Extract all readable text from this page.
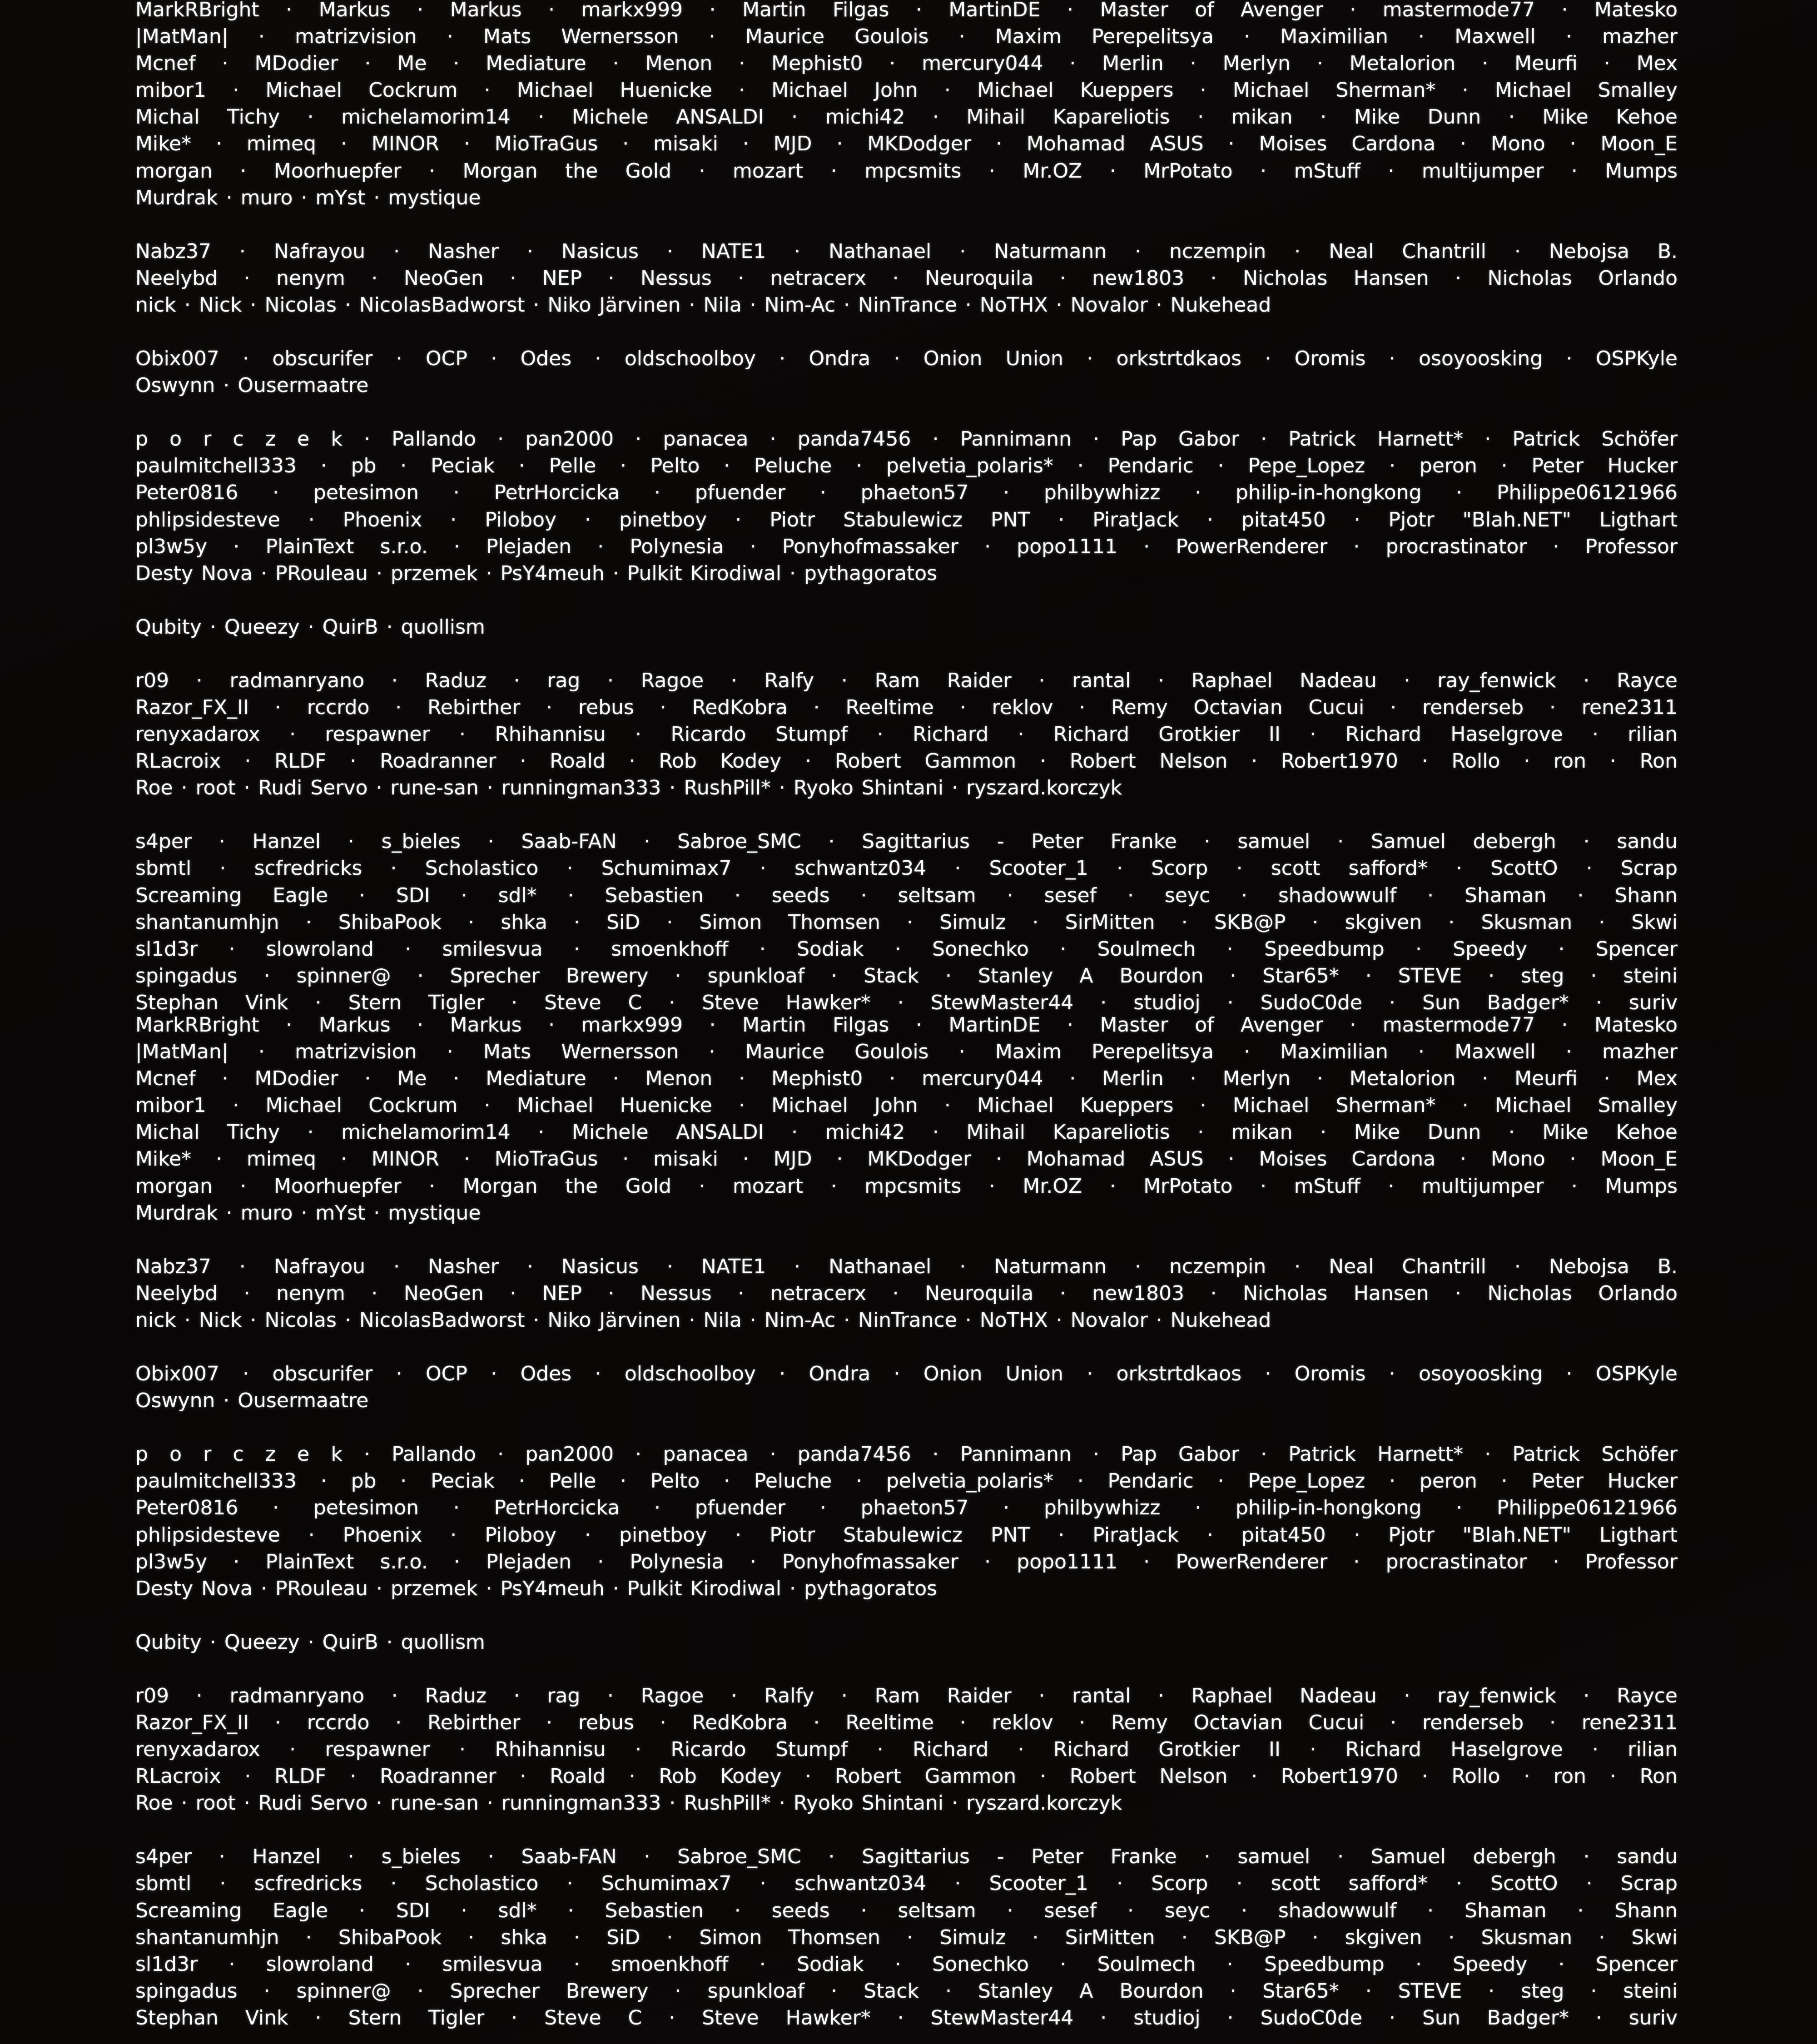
MarkRBright · Markus · Markus · markx999 · Martin Filgas · MartinDE · Master of Avenger · mastermode77 · Matesko
|MatMan| · matrizvision · Mats Wernersson · Maurice Goulois · Maxim Perepelitsya · Maximilian · Maxwell · mazher
Mcnef · MDodier · Me · Mediature · Menon · Mephist0 · mercury044 · Merlin · Merlyn · Metalorion · Meurfi · Mex
mibor1 · Michael Cockrum · Michael Huenicke · Michael John · Michael Kueppers · Michael Sherman* · Michael Smalley
Michal Tichy · michelamorim14 · Michele ANSALDI · michi42 · Mihail Kapareliotis · mikan · Mike Dunn · Mike Kehoe
Mike* · mimeq · MINOR · MioTraGus · misaki · MJD · MKDodger · Mohamad ASUS · Moises Cardona · Mono · Moon_E
morgan · Moorhuepfer · Morgan the Gold · mozart · mpcsmits · Mr.OZ · MrPotato · mStuff · multijumper · Mumps
Murdrak · muro · mYst · mystique
Nabz37 · Nafrayou · Nasher · Nasicus · NATE1 · Nathanael · Naturmann · nczempin · Neal Chantrill · Nebojsa B.
Neelybd · nenym · NeoGen · NEP · Nessus · netracerx · Neuroquila · new1803 · Nicholas Hansen · Nicholas Orlando
nick · Nick · Nicolas · NicolasBadworst · Niko Järvinen · Nila · Nim-Ac · NinTrance · NoTHX · Novalor · Nukehead
Obix007 · obscurifer · OCP · Odes · oldschoolboy · Ondra · Onion Union · orkstrtdkaos · Oromis · osoyoosking · OSPKyle
Oswynn · Ousermaatre
p o r c z e k · Pallando · pan2000 · panacea · panda7456 · Pannimann · Pap Gabor · Patrick Harnett* · Patrick Schöfer
paulmitchell333 · pb · Peciak · Pelle · Pelto · Peluche · pelvetia_polaris* · Pendaric · Pepe_Lopez · peron · Peter Hucker
Peter0816 · petesimon · PetrHorcicka · pfuender · phaeton57 · philbywhizz · philip-in-hongkong · Philippe06121966
phlipsidesteve · Phoenix · Piloboy · pinetboy · Piotr Stabulewicz PNT · PiratJack · pitat450 · Pjotr "Blah.NET" Ligthart
pl3w5y · PlainText s.r.o. · Plejaden · Polynesia · Ponyhofmassaker · popo1111 · PowerRenderer · procrastinator · Professor
Desty Nova · PRouleau · przemek · PsY4meuh · Pulkit Kirodiwal · pythagoratos
Qubity · Queezy · QuirB · quollism
r09 · radmanryano · Raduz · rag · Ragoe · Ralfy · Ram Raider · rantal · Raphael Nadeau · ray_fenwick · Rayce
Razor_FX_II · rccrdo · Rebirther · rebus · RedKobra · Reeltime · reklov · Remy Octavian Cucui · renderseb · rene2311
renyxadarox · respawner · Rhihannisu · Ricardo Stumpf · Richard · Richard Grotkier II · Richard Haselgrove · rilian
RLacroix · RLDF · Roadranner · Roald · Rob Kodey · Robert Gammon · Robert Nelson · Robert1970 · Rollo · ron · Ron
Roe · root · Rudi Servo · rune-san · runningman333 · RushPill* · Ryoko Shintani · ryszard.korczyk
s4per · Hanzel · s_bieles · Saab-FAN · Sabroe_SMC · Sagittarius - Peter Franke · samuel · Samuel debergh · sandu
sbmtl · scfredricks · Scholastico · Schumimax7 · schwantz034 · Scooter_1 · Scorp · scott safford* · ScottO · Scrap
Screaming Eagle · SDI · sdl* · Sebastien · seeds · seltsam · sesef · seyc · shadowwulf · Shaman · Shann
shantanumhjn · ShibaPook · shka · SiD · Simon Thomsen · Simulz · SirMitten · SKB@P · skgiven · Skusman · Skwi
sl1d3r · slowroland · smilesvua · smoenkhoff · Sodiak · Sonechko · Soulmech · Speedbump · Speedy · Spencer
spingadus · spinner@ · Sprecher Brewery · spunkloaf · Stack · Stanley A Bourdon · Star65* · STEVE · steg · steini
Stephan Vink · Stern Tigler · Steve C · Steve Hawker* · StewMaster44 · studioj · SudoC0de · Sun Badger* · suriv
MarkRBright · Markus · Markus · markx999 · Martin Filgas · MartinDE · Master of Avenger · mastermode77 · Matesko
|MatMan| · matrizvision · Mats Wernersson · Maurice Goulois · Maxim Perepelitsya · Maximilian · Maxwell · mazher
Mcnef · MDodier · Me · Mediature · Menon · Mephist0 · mercury044 · Merlin · Merlyn · Metalorion · Meurfi · Mex
mibor1 · Michael Cockrum · Michael Huenicke · Michael John · Michael Kueppers · Michael Sherman* · Michael Smalley
Michal Tichy · michelamorim14 · Michele ANSALDI · michi42 · Mihail Kapareliotis · mikan · Mike Dunn · Mike Kehoe
Mike* · mimeq · MINOR · MioTraGus · misaki · MJD · MKDodger · Mohamad ASUS · Moises Cardona · Mono · Moon_E
morgan · Moorhuepfer · Morgan the Gold · mozart · mpcsmits · Mr.OZ · MrPotato · mStuff · multijumper · Mumps
Murdrak · muro · mYst · mystique
Nabz37 · Nafrayou · Nasher · Nasicus · NATE1 · Nathanael · Naturmann · nczempin · Neal Chantrill · Nebojsa B.
Neelybd · nenym · NeoGen · NEP · Nessus · netracerx · Neuroquila · new1803 · Nicholas Hansen · Nicholas Orlando
nick · Nick · Nicolas · NicolasBadworst · Niko Järvinen · Nila · Nim-Ac · NinTrance · NoTHX · Novalor · Nukehead
Obix007 · obscurifer · OCP · Odes · oldschoolboy · Ondra · Onion Union · orkstrtdkaos · Oromis · osoyoosking · OSPKyle
Oswynn · Ousermaatre
p o r c z e k · Pallando · pan2000 · panacea · panda7456 · Pannimann · Pap Gabor · Patrick Harnett* · Patrick Schöfer
paulmitchell333 · pb · Peciak · Pelle · Pelto · Peluche · pelvetia_polaris* · Pendaric · Pepe_Lopez · peron · Peter Hucker
Peter0816 · petesimon · PetrHorcicka · pfuender · phaeton57 · philbywhizz · philip-in-hongkong · Philippe06121966
phlipsidesteve · Phoenix · Piloboy · pinetboy · Piotr Stabulewicz PNT · PiratJack · pitat450 · Pjotr "Blah.NET" Ligthart
pl3w5y · PlainText s.r.o. · Plejaden · Polynesia · Ponyhofmassaker · popo1111 · PowerRenderer · procrastinator · Professor
Desty Nova · PRouleau · przemek · PsY4meuh · Pulkit Kirodiwal · pythagoratos
Qubity · Queezy · QuirB · quollism
r09 · radmanryano · Raduz · rag · Ragoe · Ralfy · Ram Raider · rantal · Raphael Nadeau · ray_fenwick · Rayce
Razor_FX_II · rccrdo · Rebirther · rebus · RedKobra · Reeltime · reklov · Remy Octavian Cucui · renderseb · rene2311
renyxadarox · respawner · Rhihannisu · Ricardo Stumpf · Richard · Richard Grotkier II · Richard Haselgrove · rilian
RLacroix · RLDF · Roadranner · Roald · Rob Kodey · Robert Gammon · Robert Nelson · Robert1970 · Rollo · ron · Ron
Roe · root · Rudi Servo · rune-san · runningman333 · RushPill* · Ryoko Shintani · ryszard.korczyk
s4per · Hanzel · s_bieles · Saab-FAN · Sabroe_SMC · Sagittarius - Peter Franke · samuel · Samuel debergh · sandu
sbmtl · scfredricks · Scholastico · Schumimax7 · schwantz034 · Scooter_1 · Scorp · scott safford* · ScottO · Scrap
Screaming Eagle · SDI · sdl* · Sebastien · seeds · seltsam · sesef · seyc · shadowwulf · Shaman · Shann
shantanumhjn · ShibaPook · shka · SiD · Simon Thomsen · Simulz · SirMitten · SKB@P · skgiven · Skusman · Skwi
sl1d3r · slowroland · smilesvua · smoenkhoff · Sodiak · Sonechko · Soulmech · Speedbump · Speedy · Spencer
spingadus · spinner@ · Sprecher Brewery · spunkloaf · Stack · Stanley A Bourdon · Star65* · STEVE · steg · steini
Stephan Vink · Stern Tigler · Steve C · Steve Hawker* · StewMaster44 · studioj · SudoC0de · Sun Badger* · suriv
